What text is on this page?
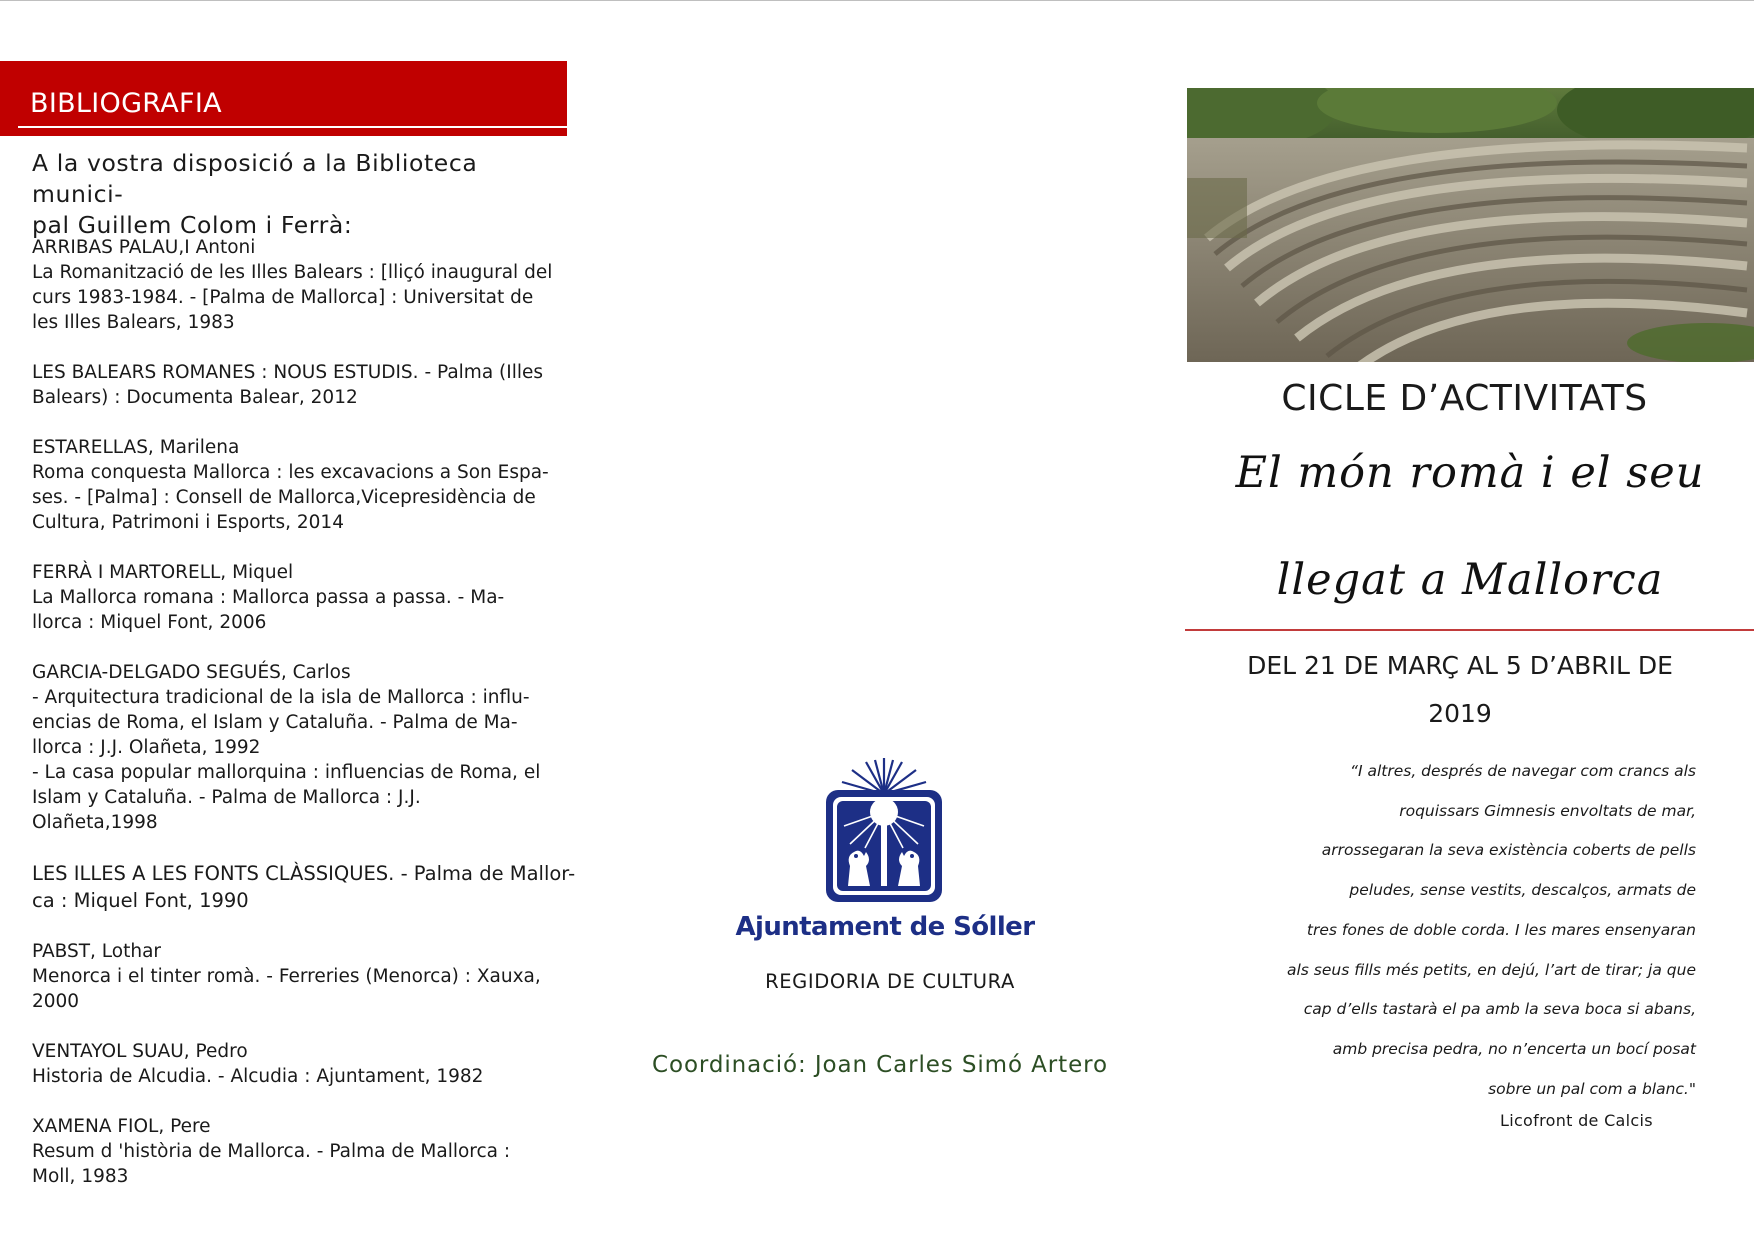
BIBLIOGRAFIA
A la vostra disposició a la Biblioteca munici-
pal Guillem Colom i Ferrà:
ARRIBAS PALAU,I Antoni
La Romanització de les Illes Balears : [lliçó inaugural del
curs 1983-1984. - [Palma de Mallorca] : Universitat de
les Illes Balears, 1983
LES BALEARS ROMANES : NOUS ESTUDIS. - Palma (Illes
Balears) : Documenta Balear, 2012
ESTARELLAS, Marilena
Roma conquesta Mallorca : les excavacions a Son Espa-
ses. - [Palma] : Consell de Mallorca,Vicepresidència de
Cultura, Patrimoni i Esports, 2014
FERRÀ I MARTORELL, Miquel
La Mallorca romana : Mallorca passa a passa. - Ma-
llorca : Miquel Font, 2006
GARCIA-DELGADO SEGUÉS, Carlos
- Arquitectura tradicional de la isla de Mallorca : influ-
encias de Roma, el Islam y Cataluña. - Palma de Ma-
llorca : J.J. Olañeta, 1992
- La casa popular mallorquina : influencias de Roma, el
Islam y Cataluña. - Palma de Mallorca : J.J.
Olañeta,1998
LES ILLES A LES FONTS CLÀSSIQUES. - Palma de Mallor-
ca : Miquel Font, 1990
PABST, Lothar
Menorca i el tinter romà. - Ferreries (Menorca) : Xauxa,
2000
VENTAYOL SUAU, Pedro
Historia de Alcudia. - Alcudia : Ajuntament, 1982
XAMENA FIOL, Pere
Resum d 'història de Mallorca. - Palma de Mallorca :
Moll, 1983
Ajuntament de Sóller
REGIDORIA DE CULTURA
Coordinació: Joan Carles Simó Artero
CICLE D’ACTIVITATS
El món romà i el seu
llegat a Mallorca
DEL 21 DE MARÇ AL 5 D’ABRIL DE
2019
“I altres, després de navegar com crancs als
roquissars Gimnesis envoltats de mar,
arrossegaran la seva existència coberts de pells
peludes, sense vestits, descalços, armats de
tres fones de doble corda. I les mares ensenyaran
als seus fills més petits, en dejú, l’art de tirar; ja que
cap d’ells tastarà el pa amb la seva boca si abans,
amb precisa pedra, no n’encerta un bocí posat
sobre un pal com a blanc."
Licofront de Calcis
